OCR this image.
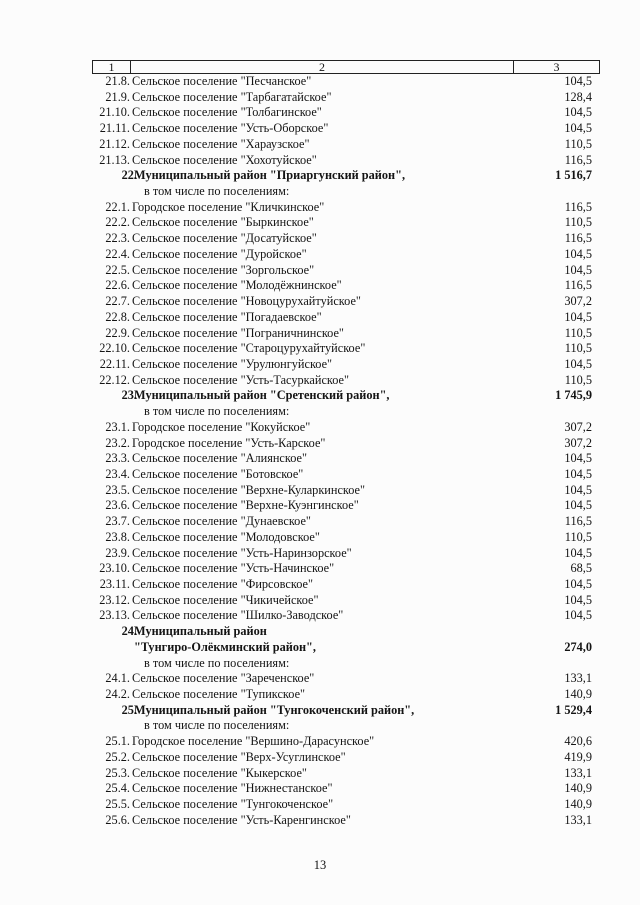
1	2	3
21.8. Сельское поселение "Песчанское"	104,5
21.9. Сельское поселение "Тарбагатайское"	128,4
21.10. Сельское поселение "Толбагинское"	104,5
21.11. Сельское поселение "Усть-Оборское"	104,5
21.12. Сельское поселение "Хараузское"	110,5
21.13. Сельское поселение "Хохотуйское"	116,5
22.
Муниципальный район "Приаргунский район",	1 516,7
в том числе по поселениям:
22.1. Городское поселение "Кличкинское"	116,5
22.2. Сельское поселение "Быркинское"	110,5
22.3. Сельское поселение "Досатуйское"	116,5
22.4. Сельское поселение "Дуройское"	104,5
22.5. Сельское поселение "Зоргольское"	104,5
22.6. Сельское поселение "Молодёжнинское"	116,5
22.7. Сельское поселение "Новоцурухайтуйское"	307,2
22.8. Сельское поселение "Погадаевское"	104,5
22.9. Сельское поселение "Пограничнинское"	110,5
22.10. Сельское поселение "Староцурухайтуйское"	110,5
22.11. Сельское поселение "Урулюнгуйское"	104,5
22.12. Сельское поселение "Усть-Тасуркайское"	110,5
23.
Муниципальный район "Сретенский район",	1 745,9
в том числе по поселениям:
23.1. Городское поселение "Кокуйское"	307,2
23.2. Городское поселение "Усть-Карское"	307,2
23.3. Сельское поселение "Алиянское"	104,5
23.4. Сельское поселение "Ботовское"	104,5
23.5. Сельское поселение "Верхне-Куларкинское"	104,5
23.6. Сельское поселение "Верхне-Куэнгинское"	104,5
23.7. Сельское поселение "Дунаевское"	116,5
23.8. Сельское поселение "Молодовское"	110,5
23.9. Сельское поселение "Усть-Наринзорское"	104,5
23.10. Сельское поселение "Усть-Начинское"	68,5
23.11. Сельское поселение "Фирсовское"	104,5
23.12. Сельское поселение "Чикичейское"	104,5
23.13. Сельское поселение "Шилко-Заводское"	104,5
24.
Муниципальный район
"Тунгиро-Олёкминский район",	274,0
в том числе по поселениям:
24.1. Сельское поселение "Зареченское"	133,1
24.2. Сельское поселение "Тупикское"	140,9
25.
Муниципальный район "Тунгокоченский район",	1 529,4
в том числе по поселениям:
25.1. Городское поселение "Вершино-Дарасунское"	420,6
25.2. Сельское поселение "Верх-Усуглинское"	419,9
25.3. Сельское поселение "Кыкерское"	133,1
25.4. Сельское поселение "Нижнестанское"	140,9
25.5. Сельское поселение "Тунгокоченское"	140,9
25.6. Сельское поселение "Усть-Каренгинское"	133,1
13
